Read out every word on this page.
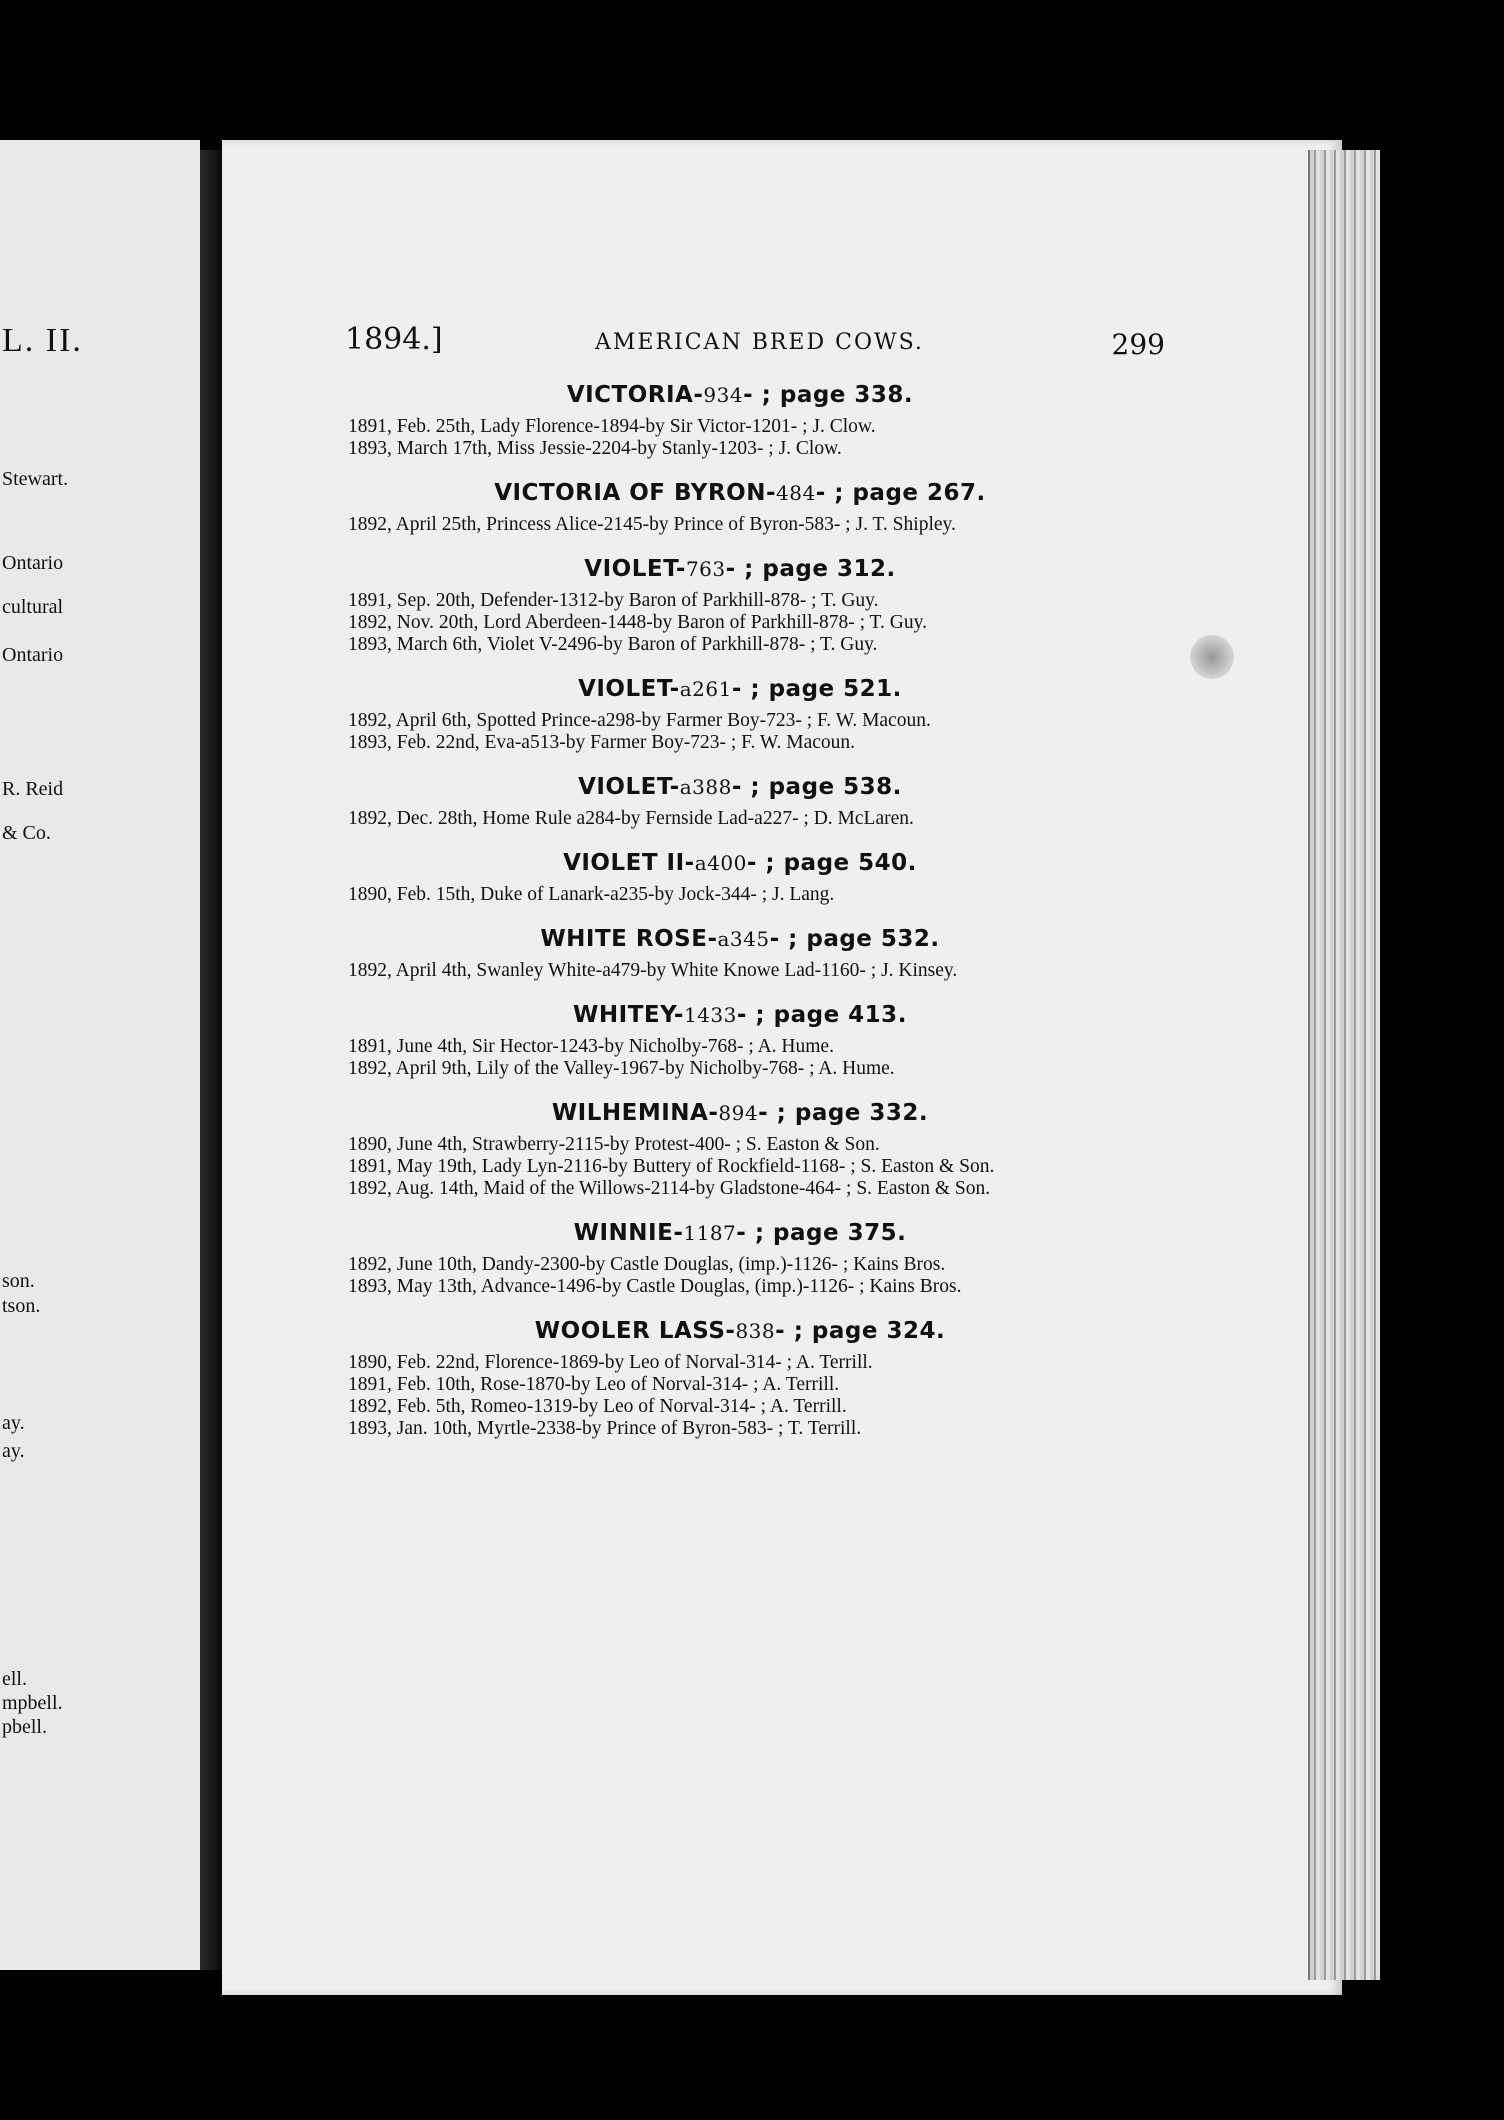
L. II.
Stewart.
Ontario
cultural
Ontario
R. Reid
& Co.
son.
tson.
ay.
ay.
ell.
mpbell.
pbell.
1894.]	AMERICAN BRED COWS.	299
VICTORIA-934- ; page 338.
1891, Feb. 25th, Lady Florence-1894-by Sir Victor-1201- ; J. Clow.
1893, March 17th, Miss Jessie-2204-by Stanly-1203- ; J. Clow.
VICTORIA OF BYRON-484- ; page 267.
1892, April 25th, Princess Alice-2145-by Prince of Byron-583- ; J. T. Shipley.
VIOLET-763- ; page 312.
1891, Sep. 20th, Defender-1312-by Baron of Parkhill-878- ; T. Guy.
1892, Nov. 20th, Lord Aberdeen-1448-by Baron of Parkhill-878- ; T. Guy.
1893, March 6th, Violet V-2496-by Baron of Parkhill-878- ; T. Guy.
VIOLET-a261- ; page 521.
1892, April 6th, Spotted Prince-a298-by Farmer Boy-723- ; F. W. Macoun.
1893, Feb. 22nd, Eva-a513-by Farmer Boy-723- ; F. W. Macoun.
VIOLET-a388- ; page 538.
1892, Dec. 28th, Home Rule a284-by Fernside Lad-a227- ; D. McLaren.
VIOLET II-a400- ; page 540.
1890, Feb. 15th, Duke of Lanark-a235-by Jock-344- ; J. Lang.
WHITE ROSE-a345- ; page 532.
1892, April 4th, Swanley White-a479-by White Knowe Lad-1160- ; J. Kinsey.
WHITEY-1433- ; page 413.
1891, June 4th, Sir Hector-1243-by Nicholby-768- ; A. Hume.
1892, April 9th, Lily of the Valley-1967-by Nicholby-768- ; A. Hume.
WILHEMINA-894- ; page 332.
1890, June 4th, Strawberry-2115-by Protest-400- ; S. Easton & Son.
1891, May 19th, Lady Lyn-2116-by Buttery of Rockfield-1168- ; S. Easton & Son.
1892, Aug. 14th, Maid of the Willows-2114-by Gladstone-464- ; S. Easton & Son.
WINNIE-1187- ; page 375.
1892, June 10th, Dandy-2300-by Castle Douglas, (imp.)-1126- ; Kains Bros.
1893, May 13th, Advance-1496-by Castle Douglas, (imp.)-1126- ; Kains Bros.
WOOLER LASS-838- ; page 324.
1890, Feb. 22nd, Florence-1869-by Leo of Norval-314- ; A. Terrill.
1891, Feb. 10th, Rose-1870-by Leo of Norval-314- ; A. Terrill.
1892, Feb. 5th, Romeo-1319-by Leo of Norval-314- ; A. Terrill.
1893, Jan. 10th, Myrtle-2338-by Prince of Byron-583- ; T. Terrill.
